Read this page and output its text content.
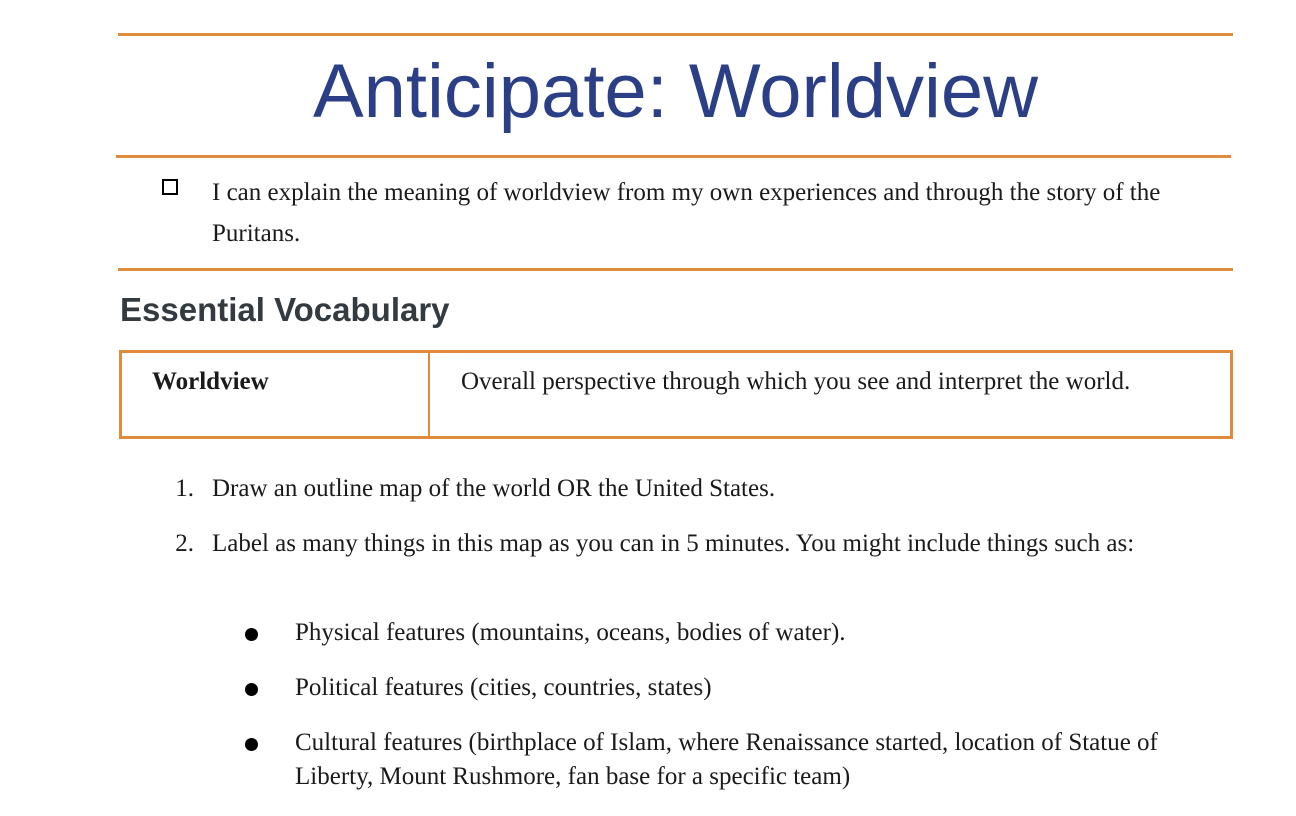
Anticipate: Worldview

I can explain the meaning of worldview from my own experiences and through the story of the Puritans.

Essential Vocabulary

Worldview	Overall perspective through which you see and interpret the world.

1. Draw an outline map of the world OR the United States.

2. Label as many things in this map as you can in 5 minutes. You might include things such as:

Physical features (mountains, oceans, bodies of water).

Political features (cities, countries, states)

Cultural features (birthplace of Islam, where Renaissance started, location of Statue of Liberty, Mount Rushmore, fan base for a specific team)
